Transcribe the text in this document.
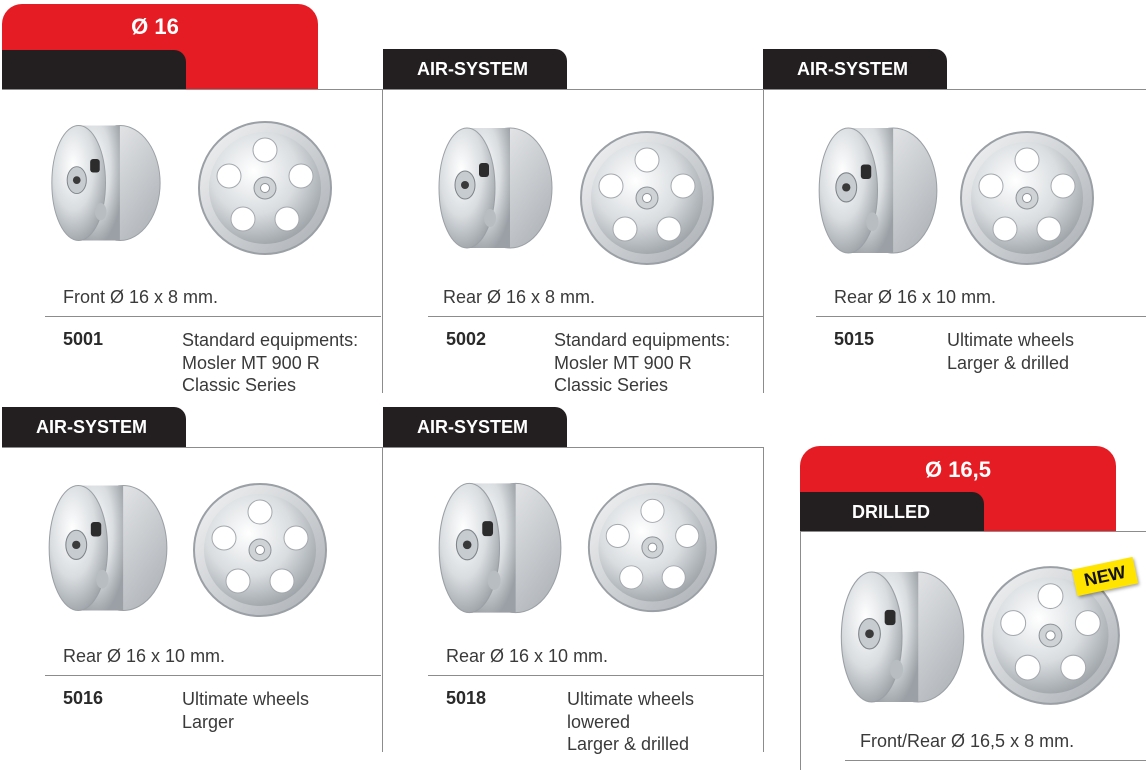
Ø 16
AIR-SYSTEM	AIR-SYSTEM
Front Ø 16 x 8 mm.
5001	Standard equipments:
Mosler MT 900 R
Classic Series
Rear Ø 16 x 8 mm.
5002	Standard equipments:
Mosler MT 900 R
Classic Series
Rear Ø 16 x 10 mm.
5015	Ultimate wheels
Larger & drilled
AIR-SYSTEM	AIR-SYSTEM
Rear Ø 16 x 10 mm.
5016	Ultimate wheels
Larger
Rear Ø 16 x 10 mm.
5018	Ultimate wheels
lowered
Larger & drilled
Ø 16,5
DRILLED
NEW
Front/Rear Ø 16,5 x 8 mm.
